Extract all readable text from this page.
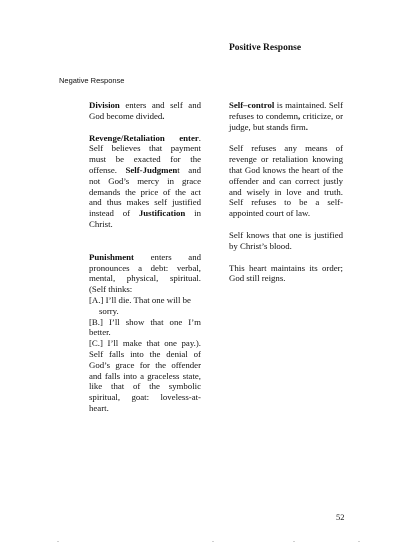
Positive Response
Negative Response

Division enters and self and God become divided.

Revenge/Retaliation enter. Self believes that payment must be exacted for the offense. Self-Judgment and not God’s mercy in grace demands the price of the act and thus makes self justified instead of Justification in Christ.

Punishment enters and pronounces a debt: verbal, mental, physical, spiritual. (Self thinks:

[A.] I’ll die. That one will be

sorry.

[B.] I’ll show that one I’m better.

[C.] I’ll make that one pay.). Self falls into the denial of God’s grace for the offender and falls into a graceless state, like that of the symbolic spiritual, goat: loveless-at-heart.

Self–control is maintained. Self refuses to condemn, criticize, or judge, but stands firm.

Self refuses any means of revenge or retaliation knowing that God knows the heart of the offender and can correct justly and wisely in love and truth. Self refuses to be a self-appointed court of law.

Self knows that one is justified by Christ’s blood.

This heart maintains its order; God still reigns.

52
